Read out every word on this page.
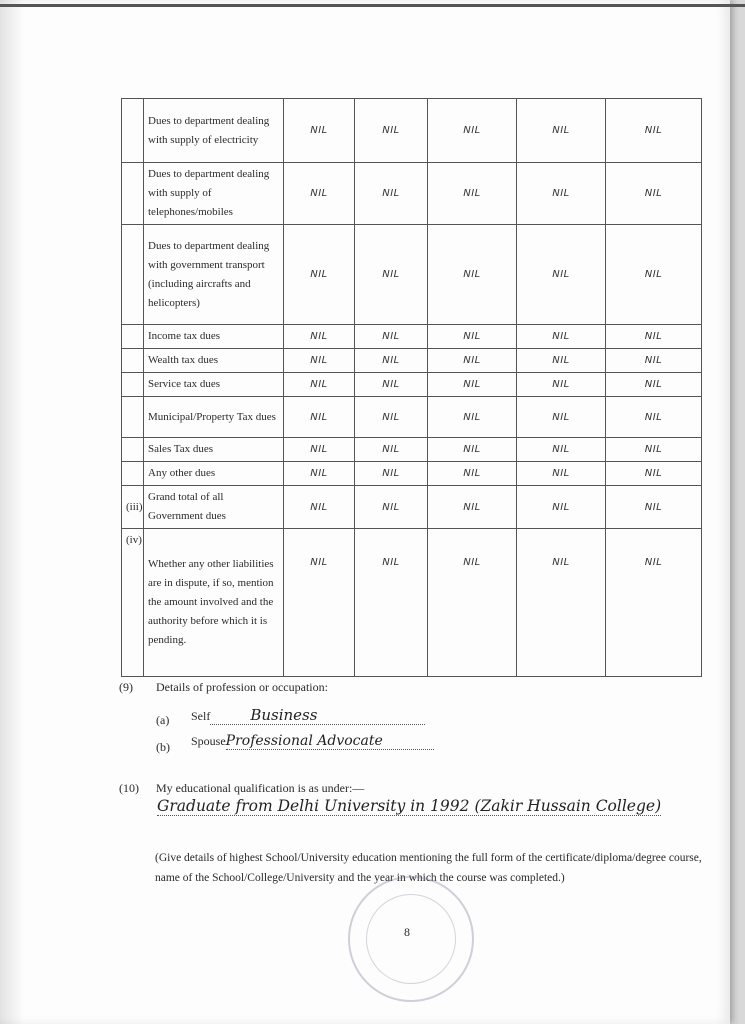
	Dues to department dealing with supply of electricity	NIL	NIL	NIL	NIL	NIL
	Dues to department dealing with supply of telephones/mobiles	NIL	NIL	NIL	NIL	NIL
	Dues to department dealing with government transport (including aircrafts and helicopters)	NIL	NIL	NIL	NIL	NIL
	Income tax dues	NIL	NIL	NIL	NIL	NIL
	Wealth tax dues	NIL	NIL	NIL	NIL	NIL
	Service tax dues	NIL	NIL	NIL	NIL	NIL
	Municipal/Property Tax dues	NIL	NIL	NIL	NIL	NIL
	Sales Tax dues	NIL	NIL	NIL	NIL	NIL
	Any other dues	NIL	NIL	NIL	NIL	NIL
(iii)	Grand total of all Government dues	NIL	NIL	NIL	NIL	NIL
(iv)	Whether any other liabilities are in dispute, if so, mention the amount involved and the authority before which it is pending.	NIL	NIL	NIL	NIL	NIL
(9) Details of profession or occupation:
(a) Self	Business
(b) SpouseProfessional Advocate
(10) My educational qualification is as under:—
Graduate from Delhi University in 1992 (Zakir Hussain College)
(Give details of highest School/University education mentioning the full form of the certificate/diploma/degree course, name of the School/College/University and the year in which the course was completed.)
8
